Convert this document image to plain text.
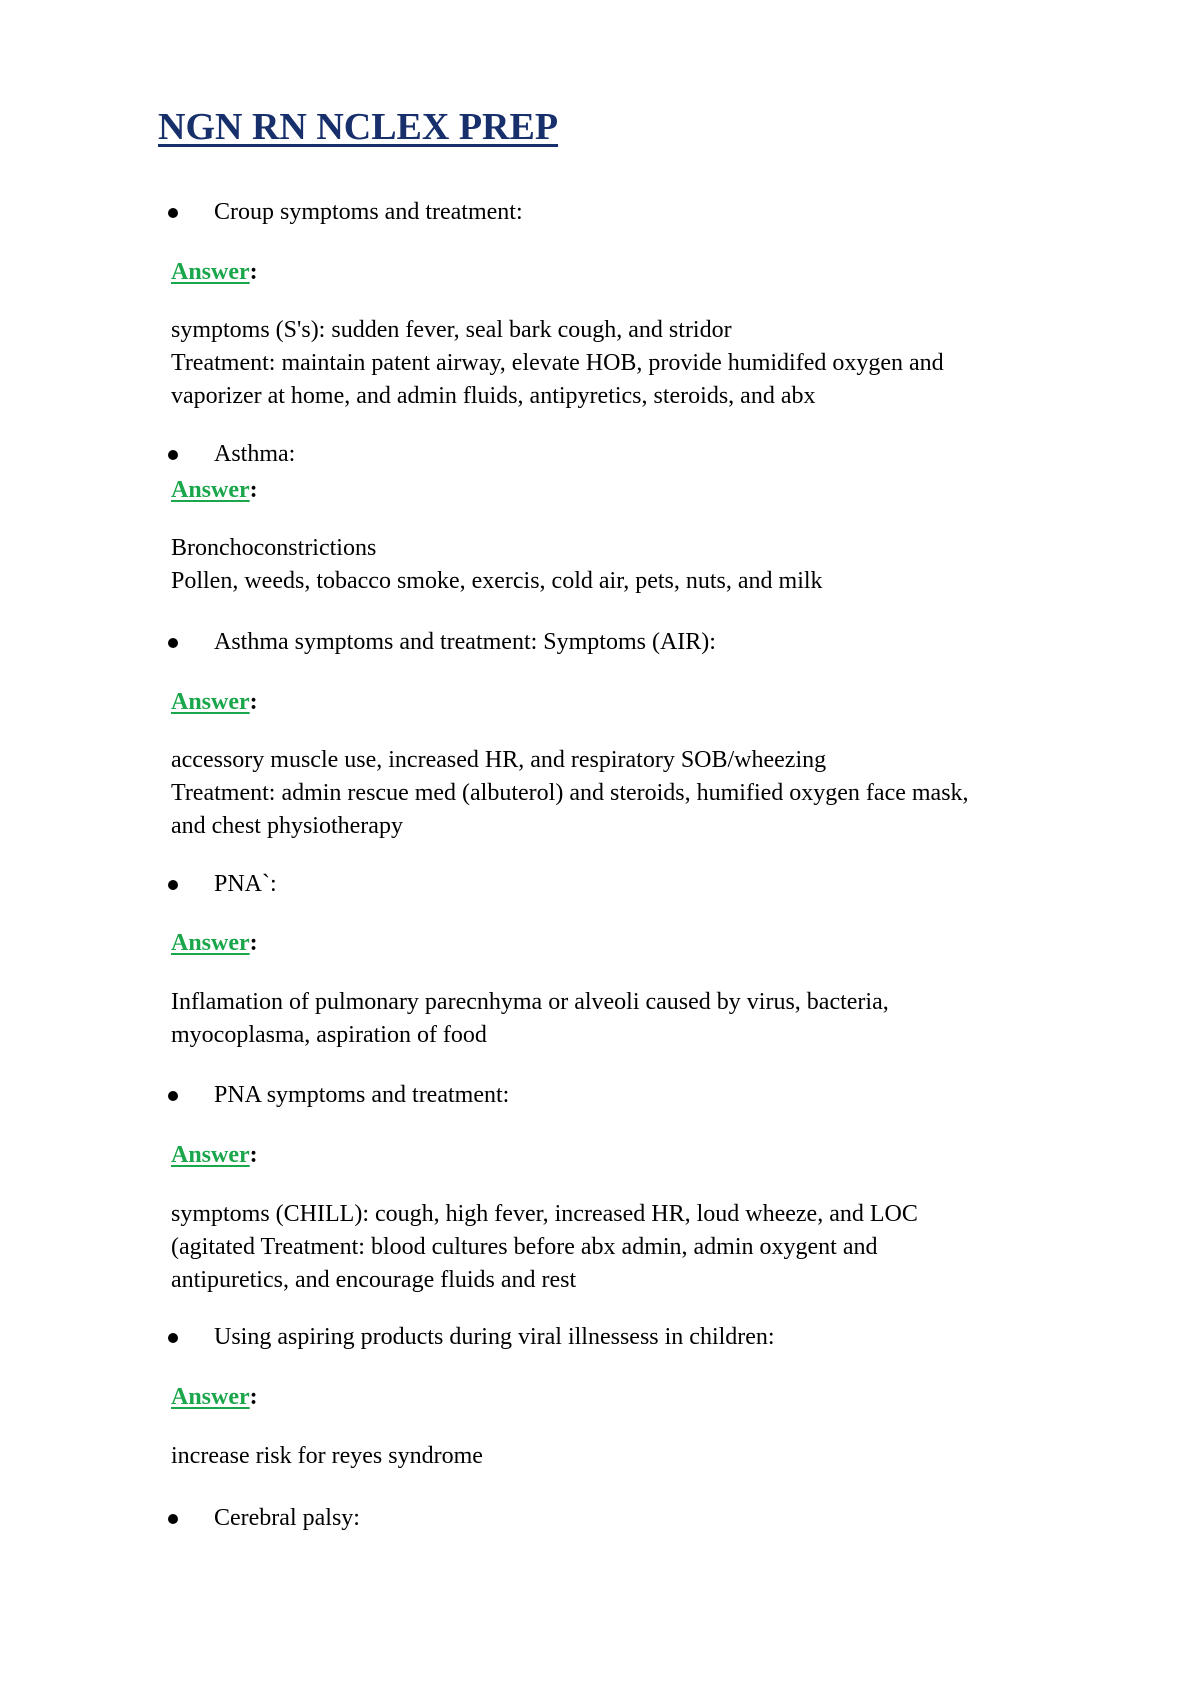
NGN RN NCLEX PREP
Croup symptoms and treatment:
Answer:
symptoms (S's): sudden fever, seal bark cough, and stridor
Treatment: maintain patent airway, elevate HOB, provide humidifed oxygen and
vaporizer at home, and admin fluids, antipyretics, steroids, and abx
Asthma:
Answer:
Bronchoconstrictions
Pollen, weeds, tobacco smoke, exercis, cold air, pets, nuts, and milk
Asthma symptoms and treatment: Symptoms (AIR):
Answer:
accessory muscle use, increased HR, and respiratory SOB/wheezing
Treatment: admin rescue med (albuterol) and steroids, humified oxygen face mask,
and chest physiotherapy
PNA`:
Answer:
Inflamation of pulmonary parecnhyma or alveoli caused by virus, bacteria,
myocoplasma, aspiration of food
PNA symptoms and treatment:
Answer:
symptoms (CHILL): cough, high fever, increased HR, loud wheeze, and LOC
(agitated Treatment: blood cultures before abx admin, admin oxygent and
antipuretics, and encourage fluids and rest
Using aspiring products during viral illnessess in children:
Answer:
increase risk for reyes syndrome
Cerebral palsy:
